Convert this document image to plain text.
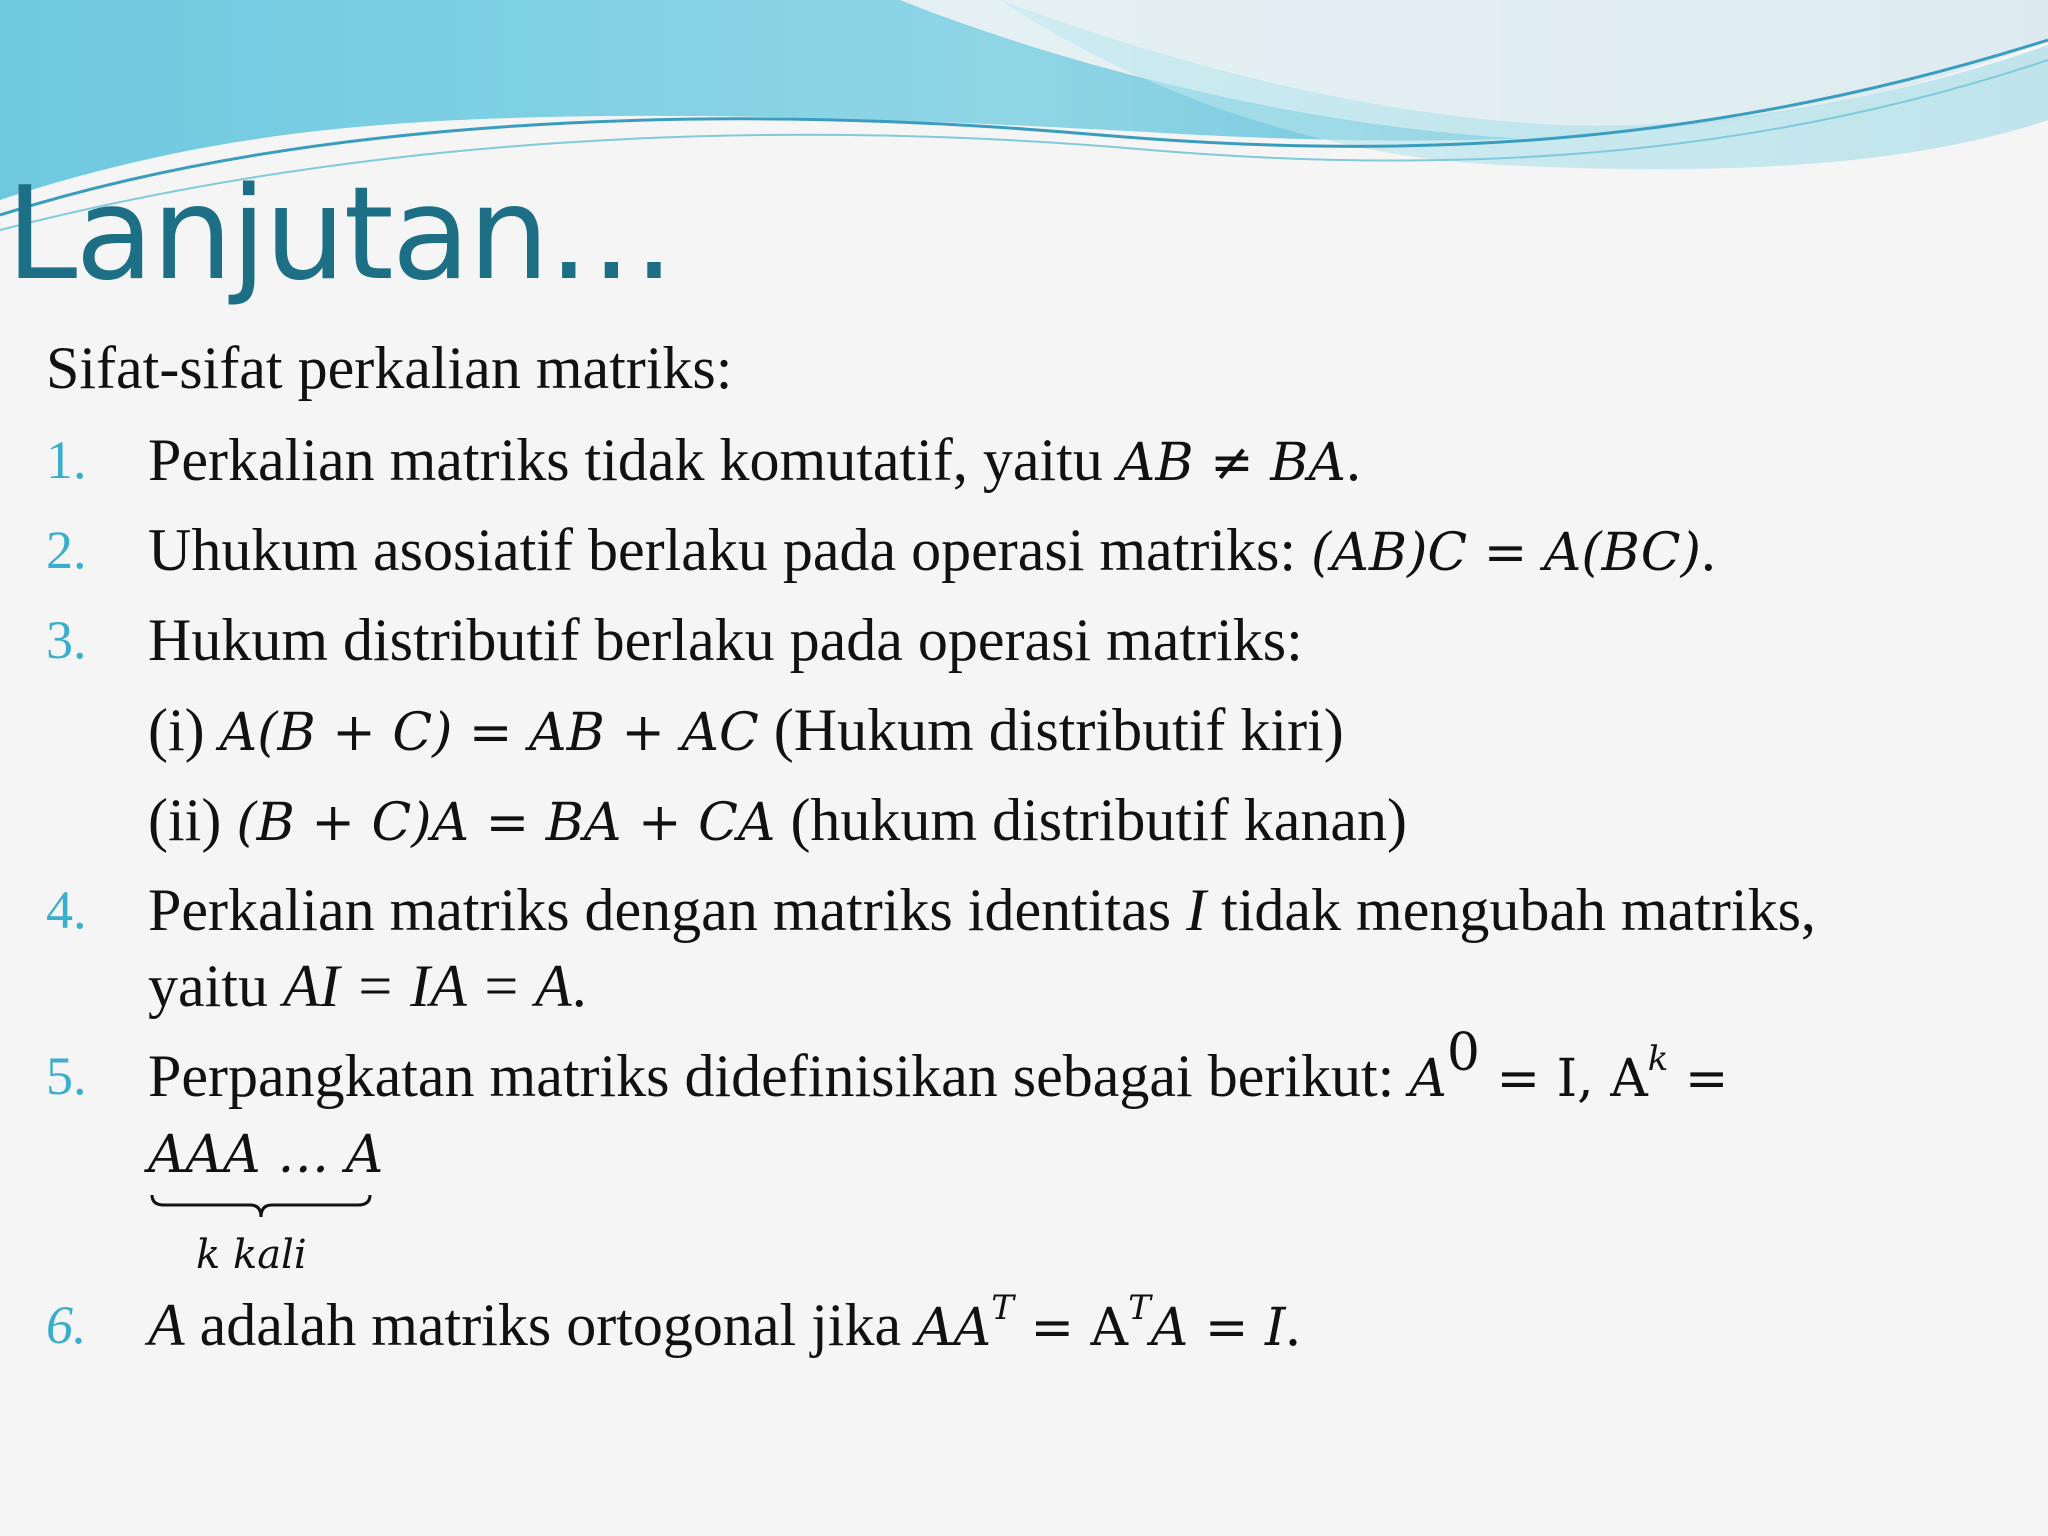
Lanjutan…
Sifat-sifat perkalian matriks:
1. Perkalian matriks tidak komutatif, yaitu AB ≠ BA.
2. Uhukum asosiatif berlaku pada operasi matriks: (AB)C = A(BC).
3. Hukum distributif berlaku pada operasi matriks:
(i) A(B + C) = AB + AC (Hukum distributif kiri)
(ii) (B + C)A = BA + CA (hukum distributif kanan)
4. Perkalian matriks dengan matriks identitas I tidak mengubah matriks,
yaitu AI = IA = A.
5. Perpangkatan matriks didefinisikan sebagai berikut: $A^0 = I$, $A^k$ =
AAA … A
k kali
6. A adalah matriks ortogonal jika $AA^T = A^TA = I$.
